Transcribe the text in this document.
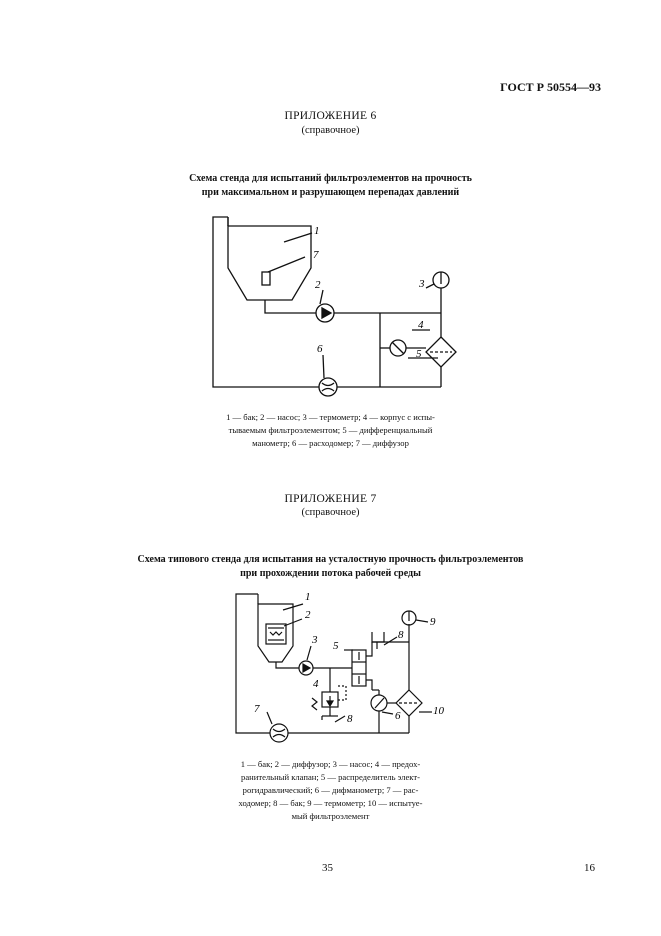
ГОСТ Р 50554—93
ПРИЛОЖЕНИЕ 6
(справочное)
Схема стенда для испытаний фильтроэлементов на прочность
при максимальном и разрушающем перепадах давлений
1
7
2	3
4
5
6
1 — бак; 2 — насос; 3 — термометр; 4 — корпус с испы-
тываемым фильтроэлементом; 5 — дифференциальный
манометр; 6 — расходомер; 7 — диффузор
ПРИЛОЖЕНИЕ 7
(справочное)
Схема типового стенда для испытания на усталостную прочность фильтроэлементов
при прохождении потока рабочей среды
1
2
3
4
5
6
7
8
8
9
10
1 — бак; 2 — диффузор; 3 — насос; 4 — предох-
ранительный клапан; 5 — распределитель элект-
рогидравлический; 6 — дифманометр; 7 — рас-
ходомер; 8 — бак; 9 — термометр; 10 — испытуе-
мый фильтроэлемент
35	16
